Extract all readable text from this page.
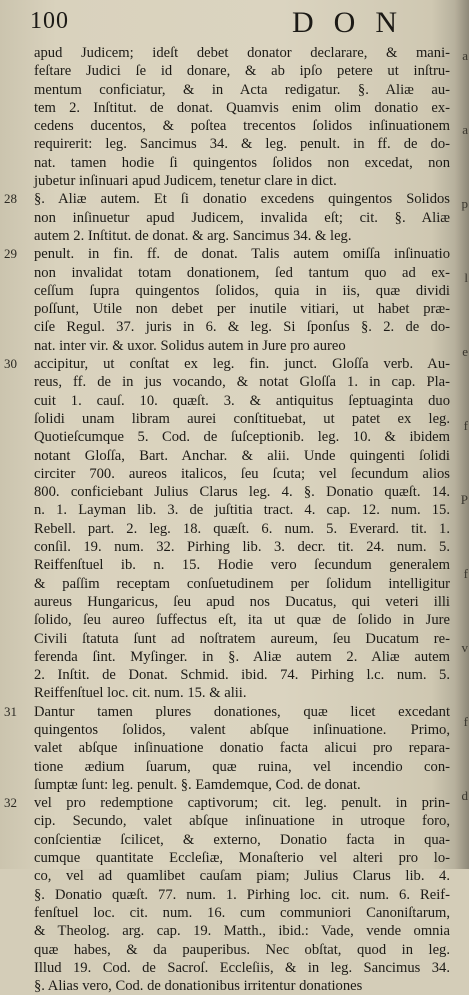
100	DON
apud Judicem; ideſt debet donator declarare, & mani-
feſtare Judici ſe id donare, & ab ipſo petere ut inſtru-
mentum conficiatur, & in Acta redigatur. §. Aliæ au-
tem 2. Inſtitut. de donat. Quamvis enim olim donatio ex-
cedens ducentos, & poſtea trecentos ſolidos inſinuationem
requirerit: leg. Sancimus 34. & leg. penult. in ff. de do-
nat. tamen hodie ſi quingentos ſolidos non excedat, non
jubetur inſinuari apud Judicem, tenetur clare in dict.
28 §. Aliæ autem. Et ſi donatio excedens quingentos Solidos
non inſinuetur apud Judicem, invalida eſt; cit. §. Aliæ
autem 2. Inſtitut. de donat. & arg. Sancimus 34. & leg.
29 penult. in fin. ff. de donat. Talis autem omiſſa inſinuatio
non invalidat totam donationem, ſed tantum quo ad ex-
ceſſum ſupra quingentos ſolidos, quia in iis, quæ dividi
poſſunt, Utile non debet per inutile vitiari, ut habet præ-
ciſe Regul. 37. juris in 6. & leg. Si ſponſus §. 2. de do-
nat. inter vir. & uxor. Solidus autem in Jure pro aureo
30 accipitur, ut conſtat ex leg. fin. junct. Gloſſa verb. Au-
reus, ff. de in jus vocando, & notat Gloſſa 1. in cap. Pla-
cuit 1. cauſ. 10. quæſt. 3. & antiquitus ſeptuaginta duo
ſolidi unam libram aurei conſtituebat, ut patet ex leg.
Quotieſcumque 5. Cod. de ſuſceptionib. leg. 10. & ibidem
notant Gloſſa, Bart. Anchar. & alii. Unde quingenti ſolidi
circiter 700. aureos italicos, ſeu ſcuta; vel ſecundum alios
800. conficiebant Julius Clarus leg. 4. §. Donatio quæſt. 14.
n. 1. Layman lib. 3. de juſtitia tract. 4. cap. 12. num. 15.
Rebell. part. 2. leg. 18. quæſt. 6. num. 5. Everard. tit. 1.
conſil. 19. num. 32. Pirhing lib. 3. decr. tit. 24. num. 5.
Reiffenſtuel ib. n. 15. Hodie vero ſecundum generalem
& paſſim receptam conſuetudinem per ſolidum intelligitur
aureus Hungaricus, ſeu apud nos Ducatus, qui veteri illi
ſolido, ſeu aureo ſuffectus eſt, ita ut quæ de ſolido in Jure
Civili ſtatuta ſunt ad noſtratem aureum, ſeu Ducatum re-
ferenda ſint. Myſinger. in §. Aliæ autem 2. Aliæ autem
2. Inſtit. de Donat. Schmid. ibid. 74. Pirhing l.c. num. 5.
Reiffenſtuel loc. cit. num. 15. & alii.
31 Dantur tamen plures donationes, quæ licet excedant
quingentos ſolidos, valent abſque inſinuatione. Primo,
valet abſque inſinuatione donatio facta alicui pro repara-
tione ædium ſuarum, quæ ruina, vel incendio con-
ſumptæ ſunt: leg. penult. §. Eamdemque, Cod. de donat.
32 vel pro redemptione captivorum; cit. leg. penult. in prin-
cip. Secundo, valet abſque inſinuatione in utroque foro,
conſcientiæ ſcilicet, & externo, Donatio facta in qua-
cumque quantitate Eccleſiæ, Monaſterio vel alteri pro lo-
co, vel ad quamlibet cauſam piam; Julius Clarus lib. 4.
§. Donatio quæſt. 77. num. 1. Pirhing loc. cit. num. 6. Reif-
fenſtuel loc. cit. num. 16. cum communiori Canoniſtarum,
& Theolog. arg. cap. 19. Matth., ibid.: Vade, vende omnia
quæ habes, & da pauperibus. Nec obſtat, quod in leg.
Illud 19. Cod. de Sacroſ. Eccleſiis, & in leg. Sancimus 34.
§. Alias vero, Cod. de donationibus irritentur donationes
a
a
p
l
e
f
P
f
v
f
d
